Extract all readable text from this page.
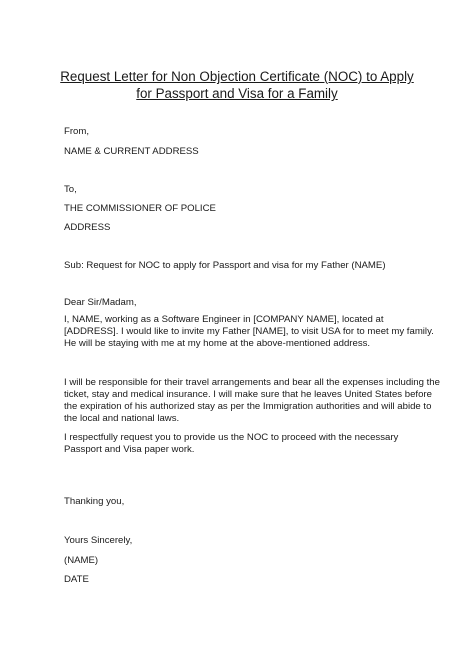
Request Letter for Non Objection Certificate (NOC) to Apply
for Passport and Visa for a Family
From,
NAME & CURRENT ADDRESS
To,
THE COMMISSIONER OF POLICE
ADDRESS
Sub: Request for NOC to apply for Passport and visa for my Father (NAME)
Dear Sir/Madam,
I, NAME, working as a Software Engineer in [COMPANY NAME], located at
[ADDRESS]. I would like to invite my Father [NAME], to visit USA for to meet my family.
He will be staying with me at my home at the above-mentioned address.
I will be responsible for their travel arrangements and bear all the expenses including the
ticket, stay and medical insurance. I will make sure that he leaves United States before
the expiration of his authorized stay as per the Immigration authorities and will abide to
the local and national laws.
I respectfully request you to provide us the NOC to proceed with the necessary
Passport and Visa paper work.
Thanking you,
Yours Sincerely,
(NAME)
DATE
